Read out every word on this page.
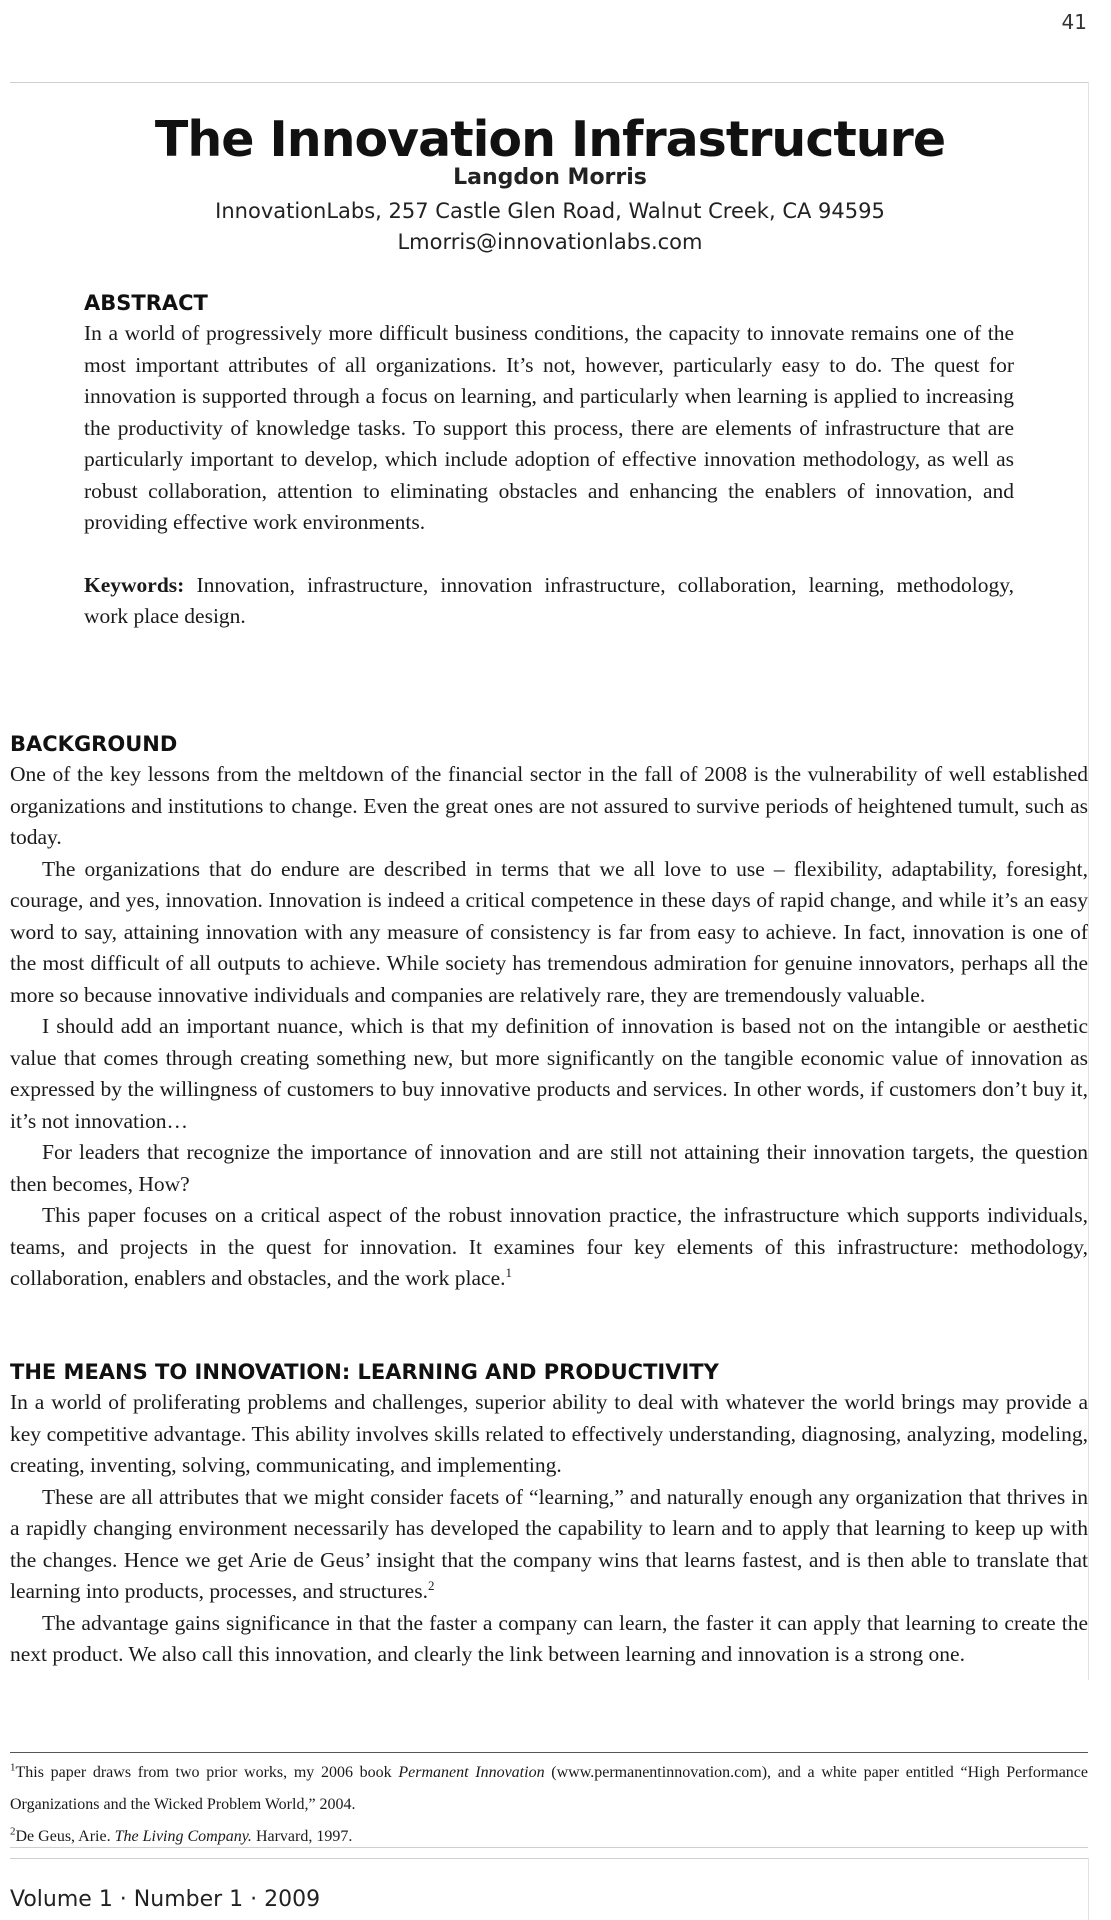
41
The Innovation Infrastructure
Langdon Morris
InnovationLabs, 257 Castle Glen Road, Walnut Creek, CA 94595
Lmorris@innovationlabs.com
ABSTRACT

In a world of progressively more difficult business conditions, the capacity to innovate remains one of the most important attributes of all organizations. It’s not, however, particularly easy to do. The quest for innovation is supported through a focus on learning, and particularly when learning is applied to increasing the productivity of knowledge tasks. To support this process, there are elements of infrastructure that are particularly important to develop, which include adoption of effective innovation methodology, as well as robust collaboration, attention to eliminating obstacles and enhancing the enablers of innovation, and providing effective work environments.

Keywords: Innovation, infrastructure, innovation infrastructure, collaboration, learning, methodology, work place design.

BACKGROUND

One of the key lessons from the meltdown of the financial sector in the fall of 2008 is the vulnerability of well established organizations and institutions to change. Even the great ones are not assured to survive periods of heightened tumult, such as today.

The organizations that do endure are described in terms that we all love to use – flexibility, adaptability, foresight, courage, and yes, innovation. Innovation is indeed a critical competence in these days of rapid change, and while it’s an easy word to say, attaining innovation with any measure of consistency is far from easy to achieve. In fact, innovation is one of the most difficult of all outputs to achieve. While society has tremendous admiration for genuine innovators, perhaps all the more so because innovative individuals and companies are relatively rare, they are tremendously valuable.

I should add an important nuance, which is that my definition of innovation is based not on the intangible or aesthetic value that comes through creating something new, but more significantly on the tangible economic value of innovation as expressed by the willingness of customers to buy innovative products and services. In other words, if customers don’t buy it, it’s not innovation…

For leaders that recognize the importance of innovation and are still not attaining their innovation targets, the question then becomes, How?

This paper focuses on a critical aspect of the robust innovation practice, the infrastructure which supports individuals, teams, and projects in the quest for innovation. It examines four key elements of this infrastructure: methodology, collaboration, enablers and obstacles, and the work place.$^1$

THE MEANS TO INNOVATION: LEARNING AND PRODUCTIVITY

In a world of proliferating problems and challenges, superior ability to deal with whatever the world brings may provide a key competitive advantage. This ability involves skills related to effectively understanding, diagnosing, analyzing, modeling, creating, inventing, solving, communicating, and implementing.

These are all attributes that we might consider facets of “learning,” and naturally enough any organization that thrives in a rapidly changing environment necessarily has developed the capability to learn and to apply that learning to keep up with the changes. Hence we get Arie de Geus’ insight that the company wins that learns fastest, and is then able to translate that learning into products, processes, and structures.$^2$

The advantage gains significance in that the faster a company can learn, the faster it can apply that learning to create the next product. We also call this innovation, and clearly the link between learning and innovation is a strong one.

$^1$This paper draws from two prior works, my 2006 book Permanent Innovation (www.permanentinnovation.com), and a white paper entitled “High Performance Organizations and the Wicked Problem World,” 2004.

$^2$De Geus, Arie. The Living Company. Harvard, 1997.

Volume 1 · Number 1 · 2009
